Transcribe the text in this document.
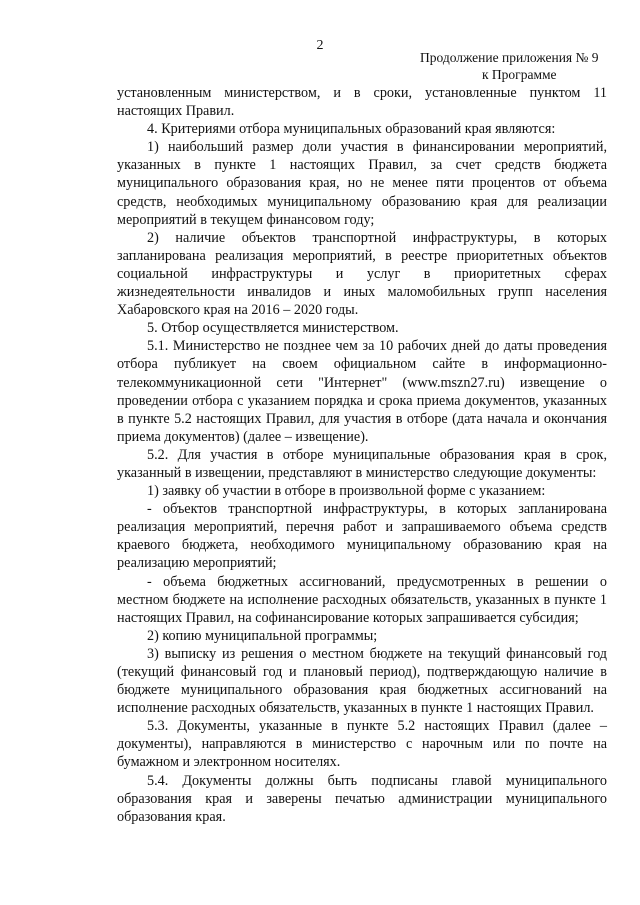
2
Продолжение приложения № 9
к Программе

установленным министерством, и в сроки, установленные пунктом 11 настоящих Правил.

4. Критериями отбора муниципальных образований края являются:

1) наибольший размер доли участия в финансировании мероприятий, указанных в пункте 1 настоящих Правил, за счет средств бюджета муниципального образования края, но не менее пяти процентов от объема средств, необходимых муниципальному образованию края для реализации мероприятий в текущем финансовом году;

2) наличие объектов транспортной инфраструктуры, в которых запланирована реализация мероприятий, в реестре приоритетных объектов социальной инфраструктуры и услуг в приоритетных сферах жизнедеятельности инвалидов и иных маломобильных групп населения Хабаровского края на 2016 – 2020 годы.

5. Отбор осуществляется министерством.

5.1. Министерство не позднее чем за 10 рабочих дней до даты проведения отбора публикует на своем официальном сайте в информационно-телекоммуникационной сети "Интернет" (www.mszn27.ru) извещение о проведении отбора с указанием порядка и срока приема документов, указанных в пункте 5.2 настоящих Правил, для участия в отборе (дата начала и окончания приема документов) (далее – извещение).

5.2. Для участия в отборе муниципальные образования края в срок, указанный в извещении, представляют в министерство следующие документы:

1) заявку об участии в отборе в произвольной форме с указанием:

- объектов транспортной инфраструктуры, в которых запланирована реализация мероприятий, перечня работ и запрашиваемого объема средств краевого бюджета, необходимого муниципальному образованию края на реализацию мероприятий;

- объема бюджетных ассигнований, предусмотренных в решении о местном бюджете на исполнение расходных обязательств, указанных в пункте 1 настоящих Правил, на софинансирование которых запрашивается субсидия;

2) копию муниципальной программы;

3) выписку из решения о местном бюджете на текущий финансовый год (текущий финансовый год и плановый период), подтверждающую наличие в бюджете муниципального образования края бюджетных ассигнований на исполнение расходных обязательств, указанных в пункте 1 настоящих Правил.

5.3. Документы, указанные в пункте 5.2 настоящих Правил (далее – документы), направляются в министерство с нарочным или по почте на бумажном и электронном носителях.

5.4. Документы должны быть подписаны главой муниципального образования края и заверены печатью администрации муниципального образования края.
